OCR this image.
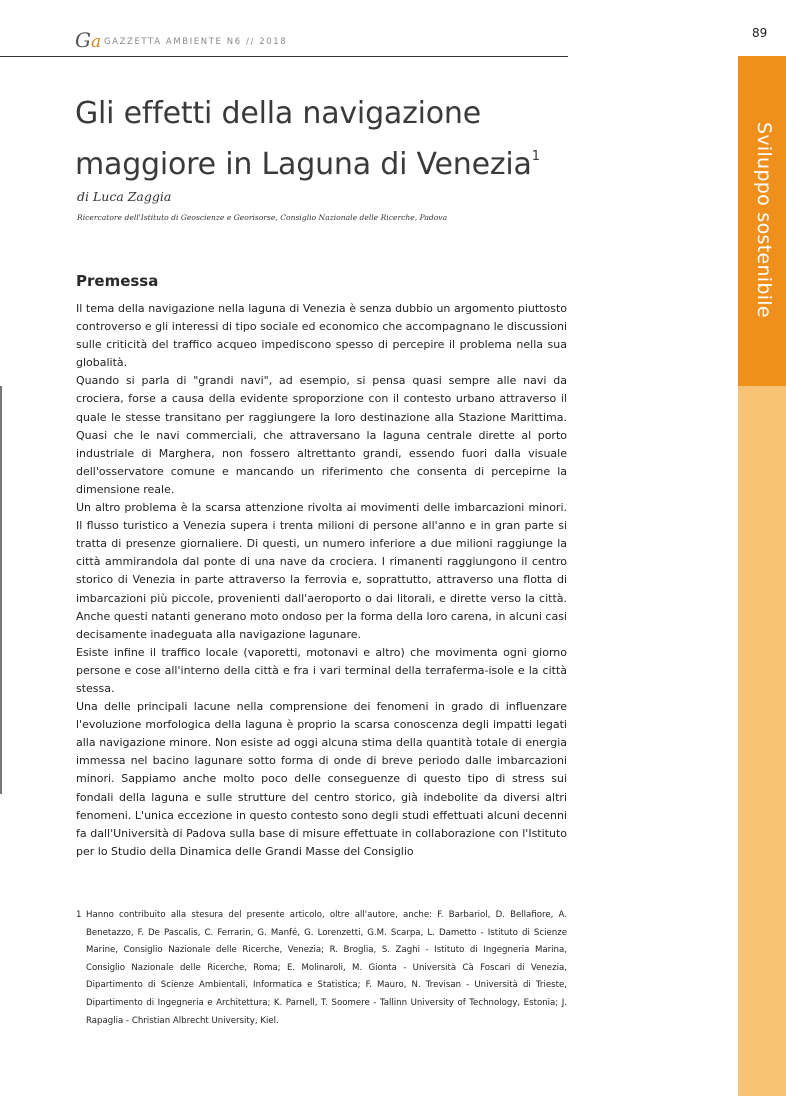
Ga GAZZETTA AMBIENTE N6 // 2018
89
Sviluppo sostenibile
Gli effetti della navigazione
maggiore in Laguna di Venezia$^1$
di Luca Zaggia
Ricercatore dell'Istituto di Geoscienze e Georisorse, Consiglio Nazionale delle Ricerche, Padova
Premessa

Il tema della navigazione nella laguna di Venezia è senza dubbio un argomento piuttosto controverso e gli interessi di tipo sociale ed economico che accompagnano le discussioni sulle criticità del traffico acqueo impediscono spesso di percepire il problema nella sua globalità.

Quando si parla di "grandi navi", ad esempio, si pensa quasi sempre alle navi da crociera, forse a causa della evidente sproporzione con il contesto urbano attraverso il quale le stesse transitano per raggiungere la loro destinazione alla Stazione Marittima. Quasi che le navi commerciali, che attraversano la laguna centrale dirette al porto industriale di Marghera, non fossero altrettanto grandi, essendo fuori dalla visuale dell'osservatore comune e mancando un riferimento che consenta di percepirne la dimensione reale.

Un altro problema è la scarsa attenzione rivolta ai movimenti delle imbarcazioni minori. Il flusso turistico a Venezia supera i trenta milioni di persone all'anno e in gran parte si tratta di presenze giornaliere. Di questi, un numero inferiore a due milioni raggiunge la città ammirandola dal ponte di una nave da crociera. I rimanenti raggiungono il centro storico di Venezia in parte attraverso la ferrovia e, soprattutto, attraverso una flotta di imbarcazioni più piccole, provenienti dall'aeroporto o dai litorali, e dirette verso la città. Anche questi natanti generano moto ondoso per la forma della loro carena, in alcuni casi decisamente inadeguata alla navigazione lagunare.

Esiste infine il traffico locale (vaporetti, motonavi e altro) che movimenta ogni giorno persone e cose all'interno della città e fra i vari terminal della terraferma-isole e la città stessa.

Una delle principali lacune nella comprensione dei fenomeni in grado di influenzare l'evoluzione morfologica della laguna è proprio la scarsa conoscenza degli impatti legati alla navigazione minore. Non esiste ad oggi alcuna stima della quantità totale di energia immessa nel bacino lagunare sotto forma di onde di breve periodo dalle imbarcazioni minori. Sappiamo anche molto poco delle conseguenze di questo tipo di stress sui fondali della laguna e sulle strutture del centro storico, già indebolite da diversi altri fenomeni. L'unica eccezione in questo contesto sono degli studi effettuati alcuni decenni fa dall'Università di Padova sulla base di misure effettuate in collaborazione con l'Istituto per lo Studio della Dinamica delle Grandi Masse del Consiglio

1 Hanno contribuito alla stesura del presente articolo, oltre all'autore, anche: F. Barbariol, D. Bellafiore, A. Benetazzo, F. De Pascalis, C. Ferrarin, G. Manfé, G. Lorenzetti, G.M. Scarpa, L. Dametto - Istituto di Scienze Marine, Consiglio Nazionale delle Ricerche, Venezia; R. Broglia, S. Zaghi - Istituto di Ingegneria Marina, Consiglio Nazionale delle Ricerche, Roma; E. Molinaroli, M. Gionta - Università Cà Foscari di Venezia, Dipartimento di Scienze Ambientali, Informatica e Statistica; F. Mauro, N. Trevisan - Università di Trieste, Dipartimento di Ingegneria e Architettura; K. Parnell, T. Soomere - Tallinn University of Technology, Estonia; J. Rapaglia - Christian Albrecht University, Kiel.
